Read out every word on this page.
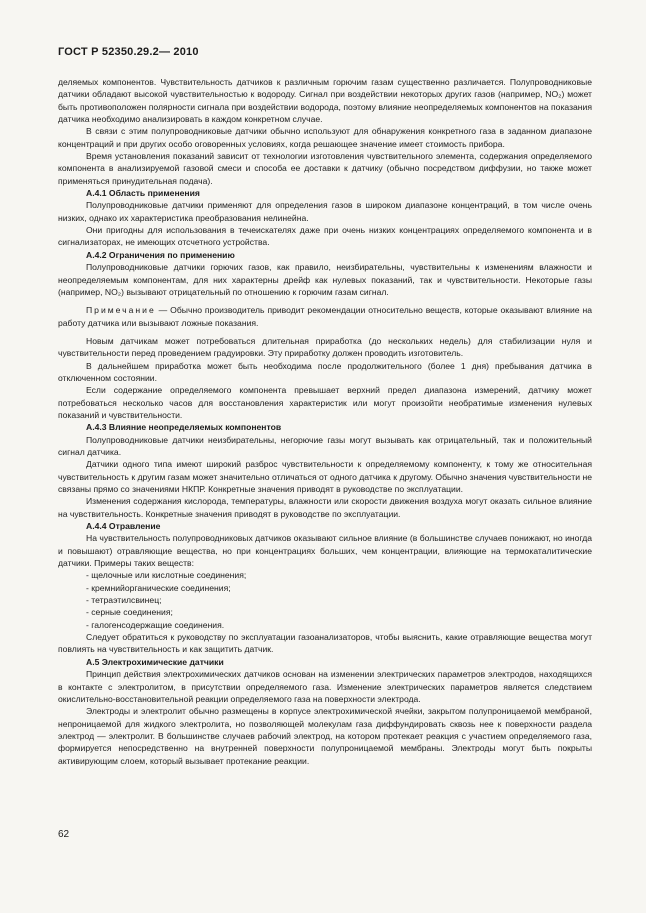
ГОСТ Р 52350.29.2— 2010

деляемых компонентов. Чувствительность датчиков к различным горючим газам существенно различается. Полупроводниковые датчики обладают высокой чувствительностью к водороду. Сигнал при воздействии некоторых других газов (например, NO₂) может быть противоположен полярности сигнала при воздействии водорода, поэтому влияние неопределяемых компонентов на показания датчика необходимо анализировать в каждом конкретном случае.

В связи с этим полупроводниковые датчики обычно используют для обнаружения конкретного газа в заданном диапазоне концентраций и при других особо оговоренных условиях, когда решающее значение имеет стоимость прибора.

Время установления показаний зависит от технологии изготовления чувствительного элемента, содержания определяемого компонента в анализируемой газовой смеси и способа ее доставки к датчику (обычно посредством диффузии, но также может применяться принудительная подача).

А.4.1 Область применения

Полупроводниковые датчики применяют для определения газов в широком диапазоне концентраций, в том числе очень низких, однако их характеристика преобразования нелинейна.

Они пригодны для использования в течеискателях даже при очень низких концентрациях определяемого компонента и в сигнализаторах, не имеющих отсчетного устройства.

А.4.2 Ограничения по применению

Полупроводниковые датчики горючих газов, как правило, неизбирательны, чувствительны к изменениям влажности и неопределяемым компонентам, для них характерны дрейф как нулевых показаний, так и чувствительности. Некоторые газы (например, NO₂) вызывают отрицательный по отношению к горючим газам сигнал.

Примечание — Обычно производитель приводит рекомендации относительно веществ, которые оказывают влияние на работу датчика или вызывают ложные показания.

Новым датчикам может потребоваться длительная приработка (до нескольких недель) для стабилизации нуля и чувствительности перед проведением градуировки. Эту приработку должен проводить изготовитель.

В дальнейшем приработка может быть необходима после продолжительного (более 1 дня) пребывания датчика в отключенном состоянии.

Если содержание определяемого компонента превышает верхний предел диапазона измерений, датчику может потребоваться несколько часов для восстановления характеристик или могут произойти необратимые изменения нулевых показаний и чувствительности.

А.4.3 Влияние неопределяемых компонентов

Полупроводниковые датчики неизбирательны, негорючие газы могут вызывать как отрицательный, так и положительный сигнал датчика.

Датчики одного типа имеют широкий разброс чувствительности к определяемому компоненту, к тому же относительная чувствительность к другим газам может значительно отличаться от одного датчика к другому. Обычно значения чувствительности не связаны прямо со значениями НКПР. Конкретные значения приводят в руководстве по эксплуатации.

Изменения содержания кислорода, температуры, влажности или скорости движения воздуха могут оказать сильное влияние на чувствительность. Конкретные значения приводят в руководстве по эксплуатации.

А.4.4 Отравление

На чувствительность полупроводниковых датчиков оказывают сильное влияние (в большинстве случаев понижают, но иногда и повышают) отравляющие вещества, но при концентрациях больших, чем концентрации, влияющие на термокаталитические датчики. Примеры таких веществ:

- щелочные или кислотные соединения;

- кремнийорганические соединения;

- тетраэтилсвинец;

- серные соединения;

- галогенсодержащие соединения.

Следует обратиться к руководству по эксплуатации газоанализаторов, чтобы выяснить, какие отравляющие вещества могут повлиять на чувствительность и как защитить датчик.

А.5 Электрохимические датчики

Принцип действия электрохимических датчиков основан на изменении электрических параметров электродов, находящихся в контакте с электролитом, в присутствии определяемого газа. Изменение электрических параметров является следствием окислительно-восстановительной реакции определяемого газа на поверхности электрода.

Электроды и электролит обычно размещены в корпусе электрохимической ячейки, закрытом полупроницаемой мембраной, непроницаемой для жидкого электролита, но позволяющей молекулам газа диффундировать сквозь нее к поверхности раздела электрод — электролит. В большинстве случаев рабочий электрод, на котором протекает реакция с участием определяемого газа, формируется непосредственно на внутренней поверхности полупроницаемой мембраны. Электроды могут быть покрыты активирующим слоем, который вызывает протекание реакции.

62
